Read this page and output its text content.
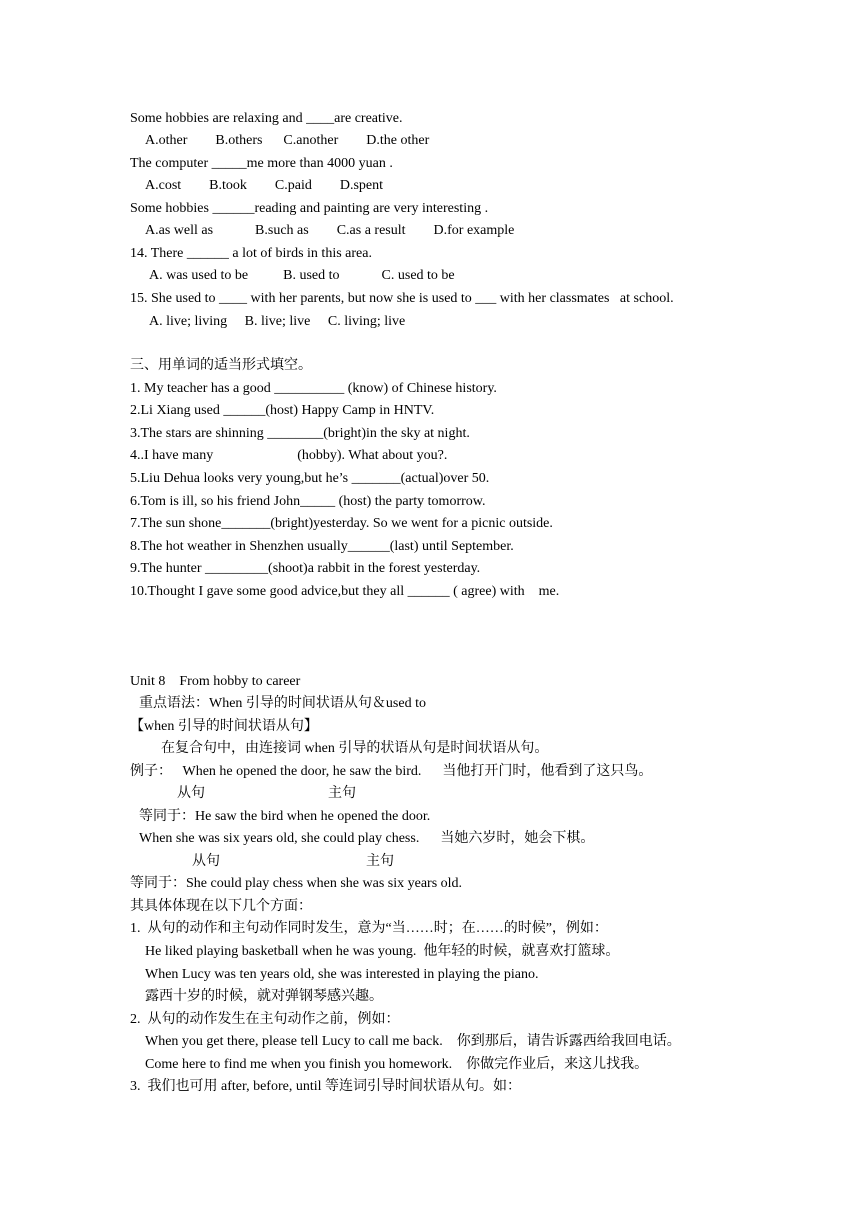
Some hobbies are relaxing and ____are creative.
A.other        B.others      C.another        D.the other
The computer _____me more than 4000 yuan .
A.cost        B.took        C.paid        D.spent
Some hobbies ______reading and painting are very interesting .
A.as well as            B.such as        C.as a result        D.for example
14. There ______ a lot of birds in this area.
A. was used to be          B. used to            C. used to be
15. She used to ____ with her parents, but now she is used to ___ with her classmates   at school.
A. live; living     B. live; live     C. living; live
三、用单词的适当形式填空。
1. My teacher has a good __________ (know) of Chinese history.
2.Li Xiang used ______(host) Happy Camp in HNTV.
3.The stars are shinning ________(bright)in the sky at night.
4..I have many                        (hobby). What about you?.
5.Liu Dehua looks very young,but he’s _______(actual)over 50.
6.Tom is ill, so his friend John_____ (host) the party tomorrow.
7.The sun shone_______(bright)yesterday. So we went for a picnic outside.
8.The hot weather in Shenzhen usually______(last) until September.
9.The hunter _________(shoot)a rabbit in the forest yesterday.
10.Thought I gave some good advice,but they all ______ ( agree) with    me.
Unit 8    From hobby to career
重点语法：When 引导的时间状语从句＆used to
【when 引导的时间状语从句】
在复合句中，由连接词 when 引导的状语从句是时间状语从句。
例子：   When he opened the door, he saw the bird.      当他打开门时，他看到了这只鸟。
从句	主句
等同于：He saw the bird when he opened the door.
When she was six years old, she could play chess.      当她六岁时，她会下棋。
从句	主句
等同于：She could play chess when she was six years old.
其具体体现在以下几个方面：
1.  从句的动作和主句动作同时发生，意为“当……时；在……的时候”，例如：
He liked playing basketball when he was young.  他年轻的时候，就喜欢打篮球。
When Lucy was ten years old, she was interested in playing the piano.
露西十岁的时候，就对弹钢琴感兴趣。
2.  从句的动作发生在主句动作之前，例如：
When you get there, please tell Lucy to call me back.    你到那后，请告诉露西给我回电话。
Come here to find me when you finish you homework.    你做完作业后，来这儿找我。
3.  我们也可用 after, before, until 等连词引导时间状语从句。如：
